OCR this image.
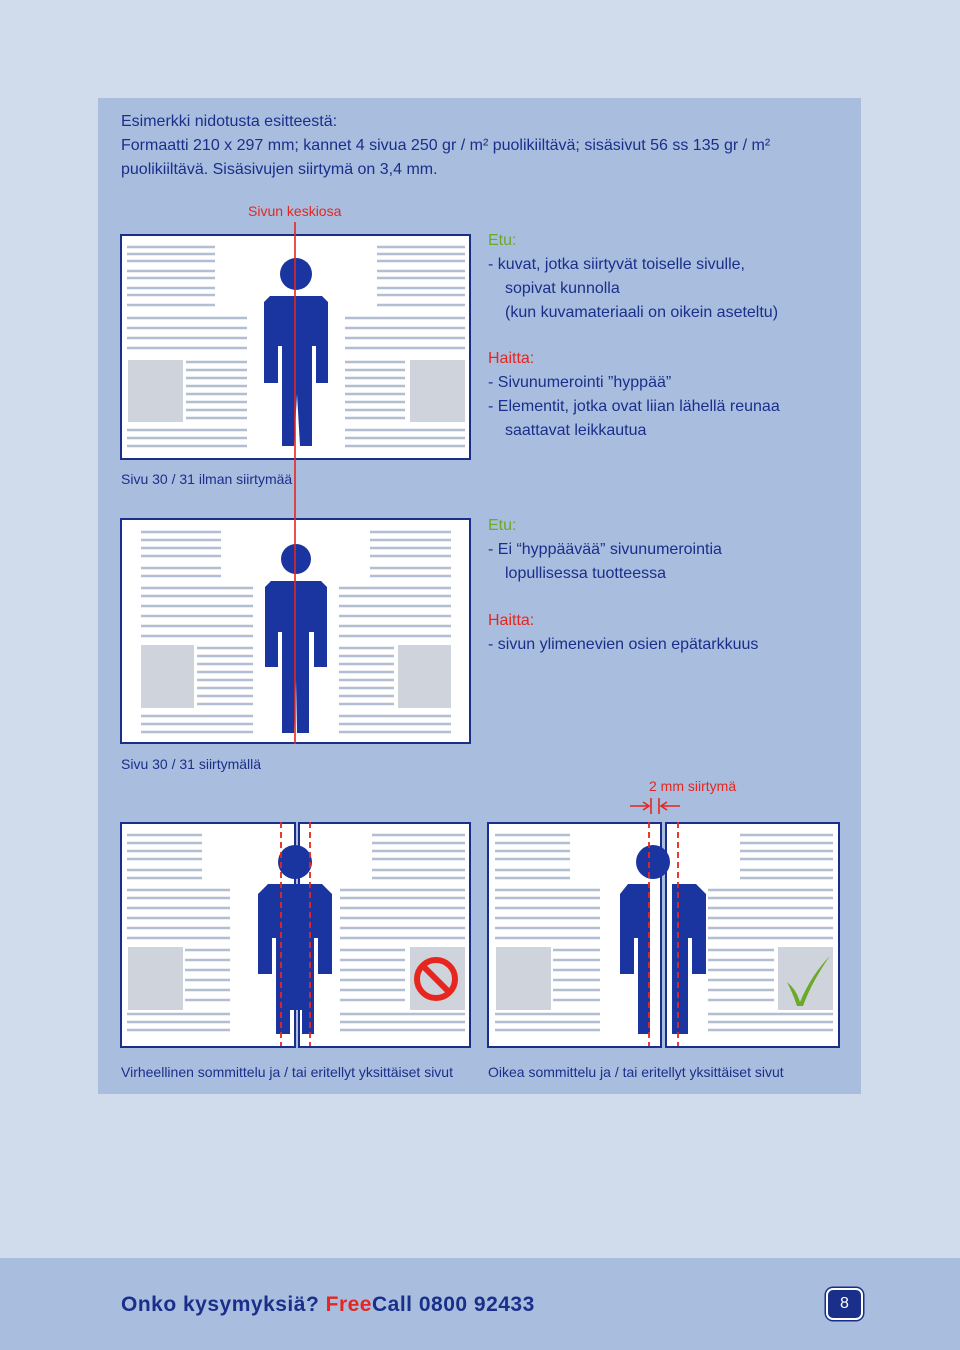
Esimerkki nidotusta esitteestä:
Formaatti 210 x 297 mm; kannet 4 sivua 250 gr / m² puolikiiltävä; sisäsivut 56 ss 135 gr / m²
puolikiiltävä. Sisäsivujen siirtymä on 3,4 mm.
Sivun keskiosa
Etu:
- kuvat, jotka siirtyvät toiselle sivulle,
sopivat kunnolla
(kun kuvamateriaali on oikein aseteltu)
Haitta:
- Sivunumerointi ”hyppää”
- Elementit, jotka ovat liian lähellä reunaa
saattavat leikkautua
Sivu 30 / 31 ilman siirtymää
Etu:
- Ei “hyppäävää” sivunumerointia
lopullisessa tuotteessa
Haitta:
- sivun ylimenevien osien epätarkkuus
Sivu 30 / 31 siirtymällä
2 mm siirtymä
Virheellinen sommittelu ja / tai eritellyt yksittäiset sivut	Oikea sommittelu ja / tai eritellyt yksittäiset sivut
Onko kysymyksiä? FreeCall 0800 92433	8
